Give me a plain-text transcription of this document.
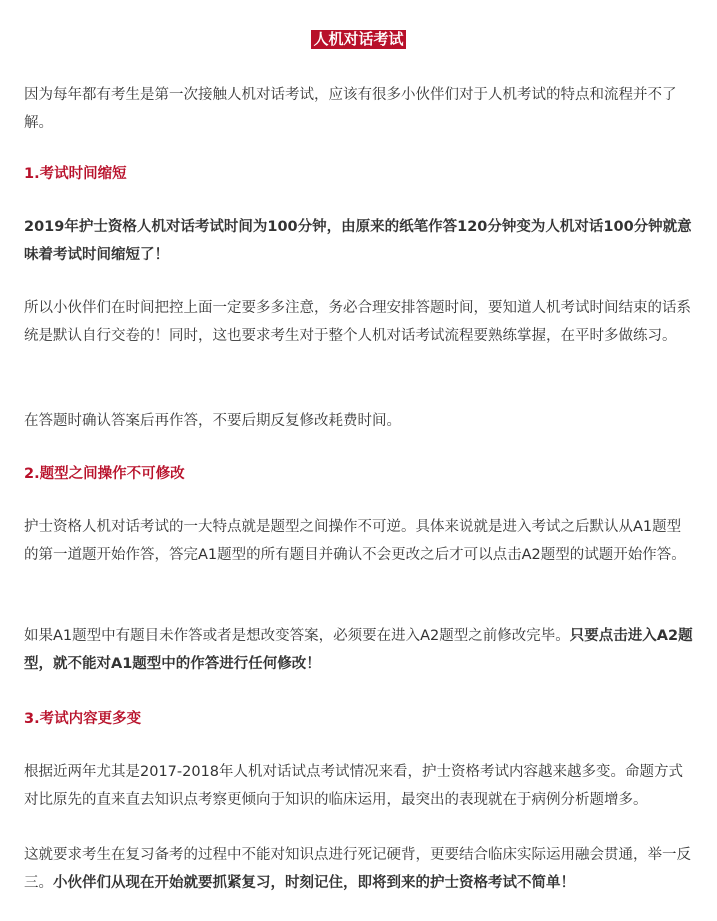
人机对话考试

因为每年都有考生是第一次接触人机对话考试，应该有很多小伙伴们对于人机考试的特点和流程并不了解。

1.考试时间缩短

2019年护士资格人机对话考试时间为100分钟，由原来的纸笔作答120分钟变为人机对话100分钟就意味着考试时间缩短了！

所以小伙伴们在时间把控上面一定要多多注意，务必合理安排答题时间，要知道人机考试时间结束的话系统是默认自行交卷的！同时，这也要求考生对于整个人机对话考试流程要熟练掌握，在平时多做练习。

在答题时确认答案后再作答，不要后期反复修改耗费时间。

2.题型之间操作不可修改

护士资格人机对话考试的一大特点就是题型之间操作不可逆。具体来说就是进入考试之后默认从A1题型的第一道题开始作答，答完A1题型的所有题目并确认不会更改之后才可以点击A2题型的试题开始作答。

如果A1题型中有题目未作答或者是想改变答案，必须要在进入A2题型之前修改完毕。只要点击进入A2题型，就不能对A1题型中的作答进行任何修改！

3.考试内容更多变

根据近两年尤其是2017-2018年人机对话试点考试情况来看，护士资格考试内容越来越多变。命题方式对比原先的直来直去知识点考察更倾向于知识的临床运用，最突出的表现就在于病例分析题增多。

这就要求考生在复习备考的过程中不能对知识点进行死记硬背，更要结合临床实际运用融会贯通，举一反三。小伙伴们从现在开始就要抓紧复习，时刻记住，即将到来的护士资格考试不简单！
